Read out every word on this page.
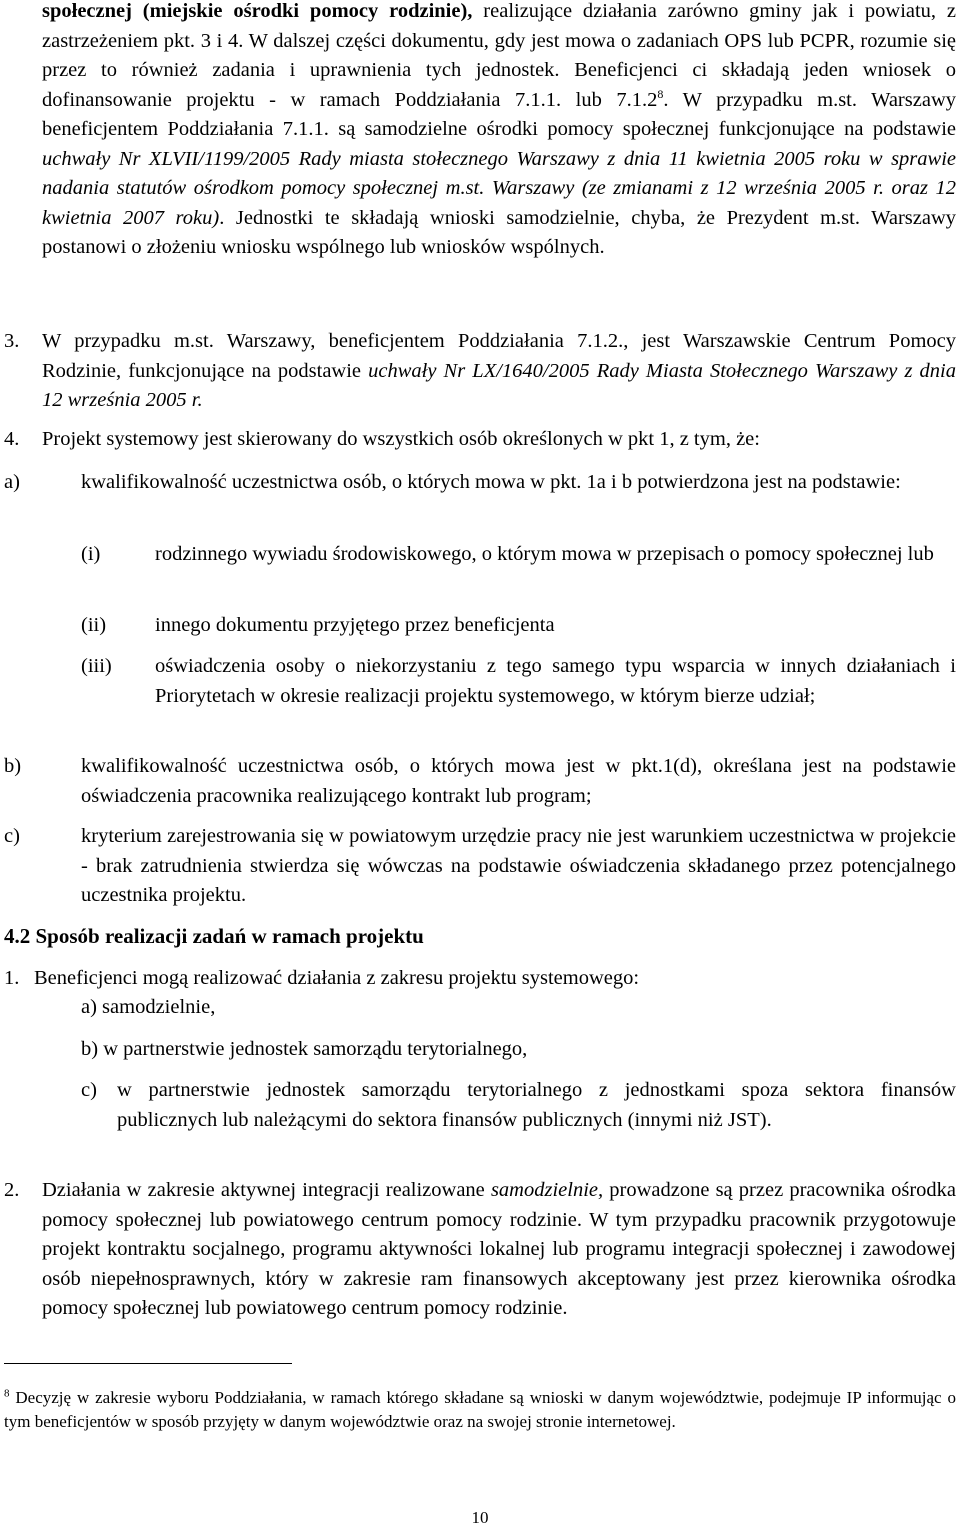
społecznej (miejskie ośrodki pomocy rodzinie), realizujące działania zarówno gminy jak i powiatu, z zastrzeżeniem pkt. 3 i 4. W dalszej części dokumentu, gdy jest mowa o zadaniach OPS lub PCPR, rozumie się przez to również zadania i uprawnienia tych jednostek. Beneficjenci ci składają jeden wniosek o dofinansowanie projektu - w ramach Poddziałania 7.1.1. lub 7.1.2$^8$. W przypadku m.st. Warszawy beneficjentem Poddziałania 7.1.1. są samodzielne ośrodki pomocy społecznej funkcjonujące na podstawie uchwały Nr XLVII/1199/2005 Rady miasta stołecznego Warszawy z dnia 11 kwietnia 2005 roku w sprawie nadania statutów ośrodkom pomocy społecznej m.st. Warszawy (ze zmianami z 12 września 2005 r. oraz 12 kwietnia 2007 roku). Jednostki te składają wnioski samodzielnie, chyba, że Prezydent m.st. Warszawy postanowi o złożeniu wniosku wspólnego lub wniosków wspólnych.

3. W przypadku m.st. Warszawy, beneficjentem Poddziałania 7.1.2., jest Warszawskie Centrum Pomocy Rodzinie, funkcjonujące na podstawie uchwały Nr LX/1640/2005 Rady Miasta Stołecznego Warszawy z dnia 12 września 2005 r.

4. Projekt systemowy jest skierowany do wszystkich osób określonych w pkt 1, z tym, że:

a)	kwalifikowalność uczestnictwa osób, o których mowa w pkt. 1a i b potwierdzona jest na podstawie:

(i)	rodzinnego wywiadu środowiskowego, o którym mowa w przepisach o pomocy społecznej lub

(ii) innego dokumentu przyjętego przez beneficjenta

(iii) oświadczenia osoby o niekorzystaniu z tego samego typu wsparcia w innych działaniach i Priorytetach w okresie realizacji projektu systemowego, w którym bierze udział;

b)	kwalifikowalność uczestnictwa osób, o których mowa jest w pkt.1(d), określana jest na podstawie oświadczenia pracownika realizującego kontrakt lub program;

c)	kryterium zarejestrowania się w powiatowym urzędzie pracy nie jest warunkiem uczestnictwa w projekcie - brak zatrudnienia stwierdza się wówczas na podstawie oświadczenia składanego przez potencjalnego uczestnika projektu.

4.2 Sposób realizacji zadań w ramach projektu

1. Beneficjenci mogą realizować działania z zakresu projektu systemowego:

a) samodzielnie,

b) w partnerstwie jednostek samorządu terytorialnego,

c) w partnerstwie jednostek samorządu terytorialnego z jednostkami spoza sektora finansów publicznych lub należącymi do sektora finansów publicznych (innymi niż JST).

2. Działania w zakresie aktywnej integracji realizowane samodzielnie, prowadzone są przez pracownika ośrodka pomocy społecznej lub powiatowego centrum pomocy rodzinie. W tym przypadku pracownik przygotowuje projekt kontraktu socjalnego, programu aktywności lokalnej lub programu integracji społecznej i zawodowej osób niepełnosprawnych, który w zakresie ram finansowych akceptowany jest przez kierownika ośrodka pomocy społecznej lub powiatowego centrum pomocy rodzinie.

$^8$ Decyzję w zakresie wyboru Poddziałania, w ramach którego składane są wnioski w danym województwie, podejmuje IP informując o tym beneficjentów w sposób przyjęty w danym województwie oraz na swojej stronie internetowej.

10
